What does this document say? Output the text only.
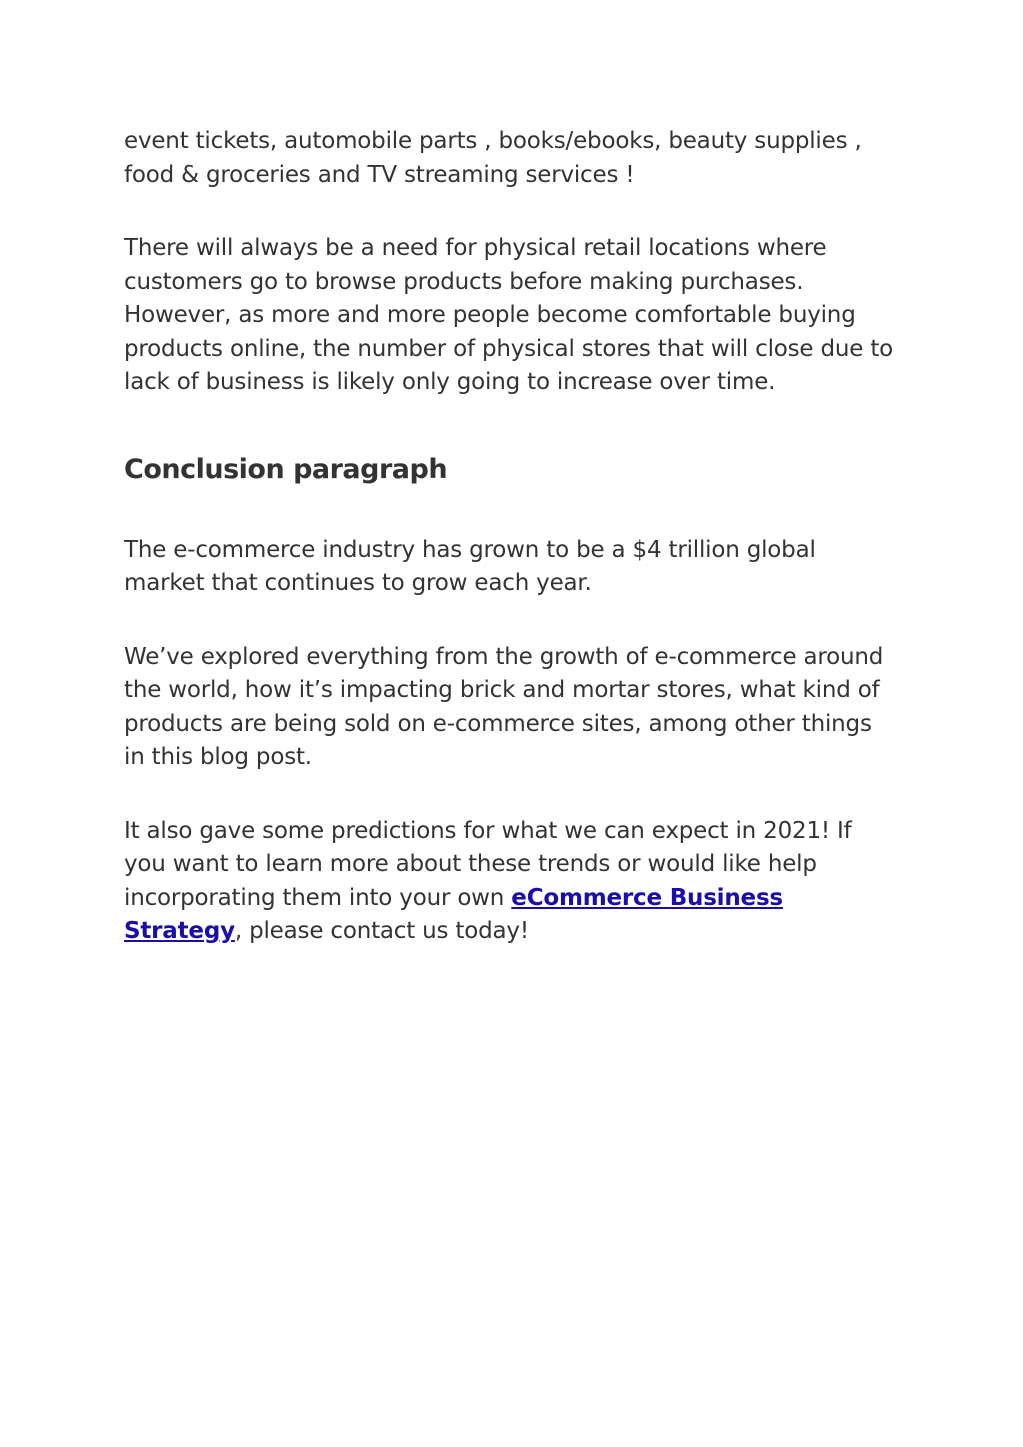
event tickets, automobile parts , books/ebooks, beauty supplies , food & groceries and TV streaming services !

There will always be a need for physical retail locations where customers go to browse products before making purchases. However, as more and more people become comfortable buying products online, the number of physical stores that will close due to lack of business is likely only going to increase over time.

Conclusion paragraph

The e-commerce industry has grown to be a $4 trillion global market that continues to grow each year.

We’ve explored everything from the growth of e-commerce around the world, how it’s impacting brick and mortar stores, what kind of products are being sold on e-commerce sites, among other things in this blog post.

It also gave some predictions for what we can expect in 2021! If you want to learn more about these trends or would like help incorporating them into your own eCommerce Business Strategy, please contact us today!
